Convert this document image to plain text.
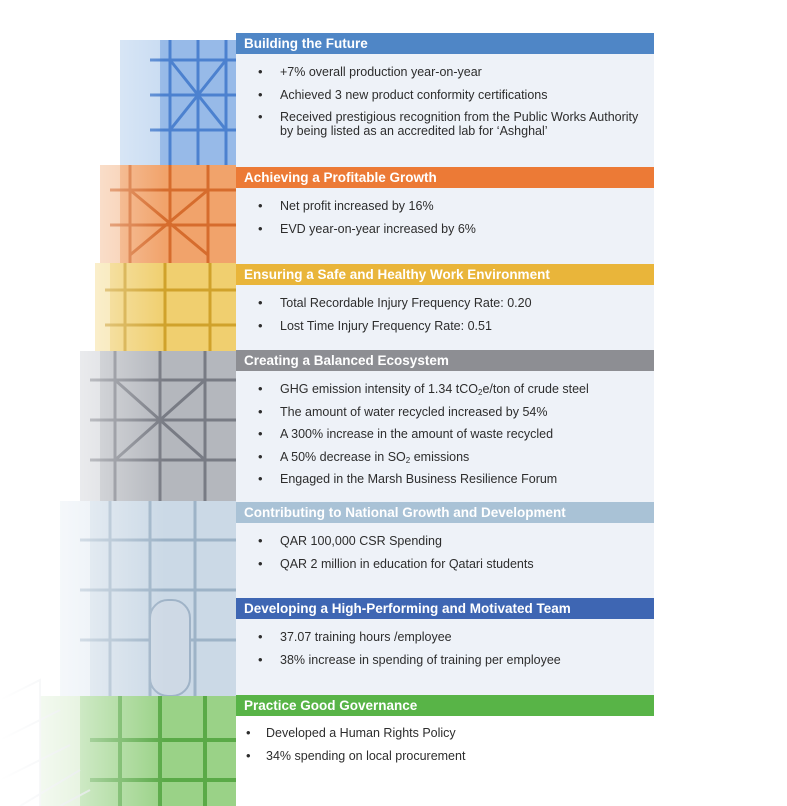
Building the Future
• +7% overall production year-on-year
• Achieved 3 new product conformity certifications
• Received prestigious recognition from the Public Works Authority by being listed as an accredited lab for ‘Ashghal’
Achieving a Profitable Growth
• Net profit increased by 16%
• EVD year-on-year increased by 6%
Ensuring a Safe and Healthy Work Environment
• Total Recordable Injury Frequency Rate: 0.20
• Lost Time Injury Frequency Rate: 0.51
Creating a Balanced Ecosystem
• GHG emission intensity of 1.34 tCO$_2$e/ton of crude steel
• The amount of water recycled increased by 54%
• A 300% increase in the amount of waste recycled
• A 50% decrease in $SO_2$ emissions
• Engaged in the Marsh Business Resilience Forum
Contributing to National Growth and Development
• QAR 100,000 CSR Spending
• QAR 2 million in education for Qatari students
Developing a High-Performing and Motivated Team
• 37.07 training hours /employee
• 38% increase in spending of training per employee
Practice Good Governance
• Developed a Human Rights Policy
• 34% spending on local procurement
